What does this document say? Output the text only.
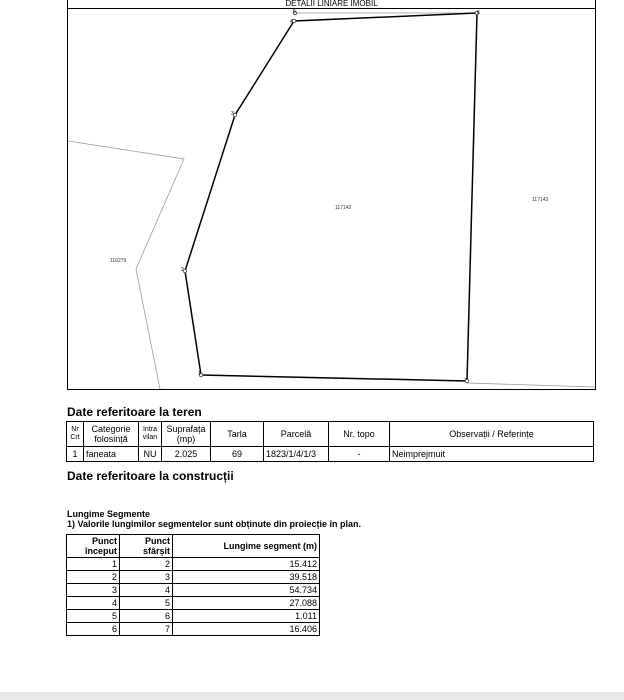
DETALII LINIARE IMOBIL
1
2
3
4
5	6
7
117142
117143
116279
Date referitoare la teren
Nr Crt	Categorie folosință	Intra vilan	Suprafața (mp)	Tarla	Parcelă	Nr. topo	Observații / Referințe
1	faneata	NU	2.025	69	1823/1/4/1/3	-	Neimprejmuit
Date referitoare la construcții
Lungime Segmente
1) Valorile lungimilor segmentelor sunt obținute din proiecție în plan.
Punct început	Punct sfârșit	Lungime segment (m)
1	2	15.412
2	3	39.518
3	4	54.734
4	5	27.088
5	6	1.011
6	7	16.406
